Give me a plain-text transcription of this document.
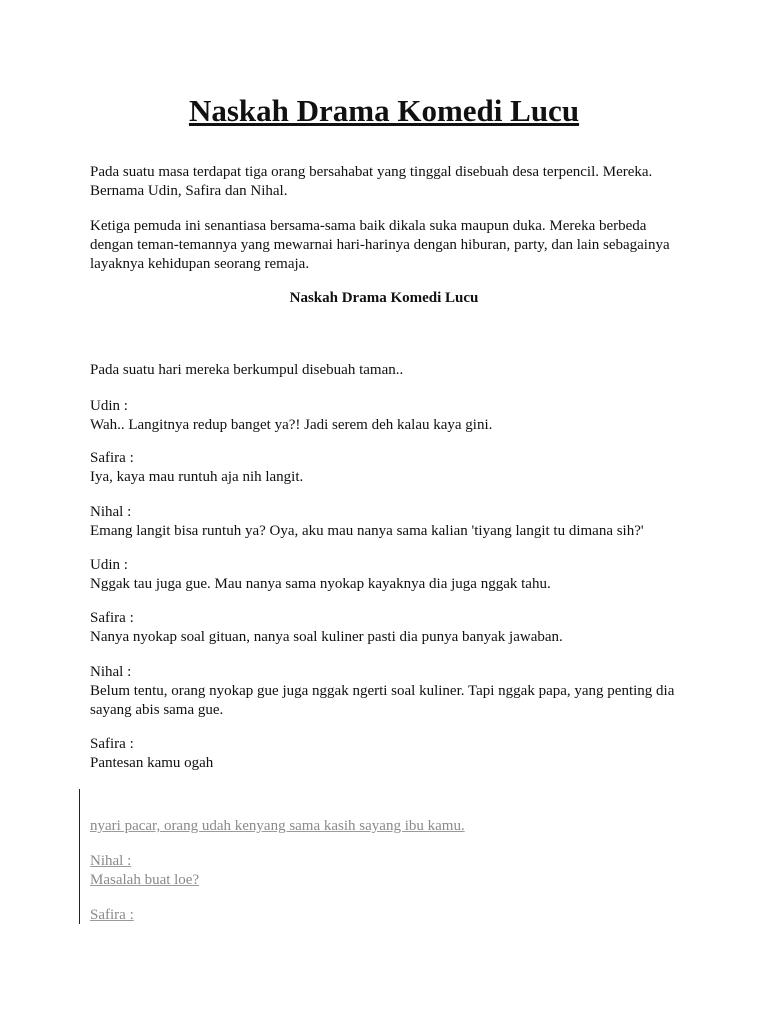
Naskah Drama Komedi Lucu

Pada suatu masa terdapat tiga orang bersahabat yang tinggal disebuah desa terpencil. Mereka. Bernama Udin, Safira dan Nihal.

Ketiga pemuda ini senantiasa bersama-sama baik dikala suka maupun duka. Mereka berbeda dengan teman-temannya yang mewarnai hari-harinya dengan hiburan, party, dan lain sebagainya layaknya kehidupan seorang remaja.

Naskah Drama Komedi Lucu

Pada suatu hari mereka berkumpul disebuah taman..

Udin :
Wah.. Langitnya redup banget ya?! Jadi serem deh kalau kaya gini.
Safira :
Iya, kaya mau runtuh aja nih langit.
Nihal :
Emang langit bisa runtuh ya? Oya, aku mau nanya sama kalian 'tiyang langit tu dimana sih?'
Udin :
Nggak tau juga gue. Mau nanya sama nyokap kayaknya dia juga nggak tahu.
Safira :
Nanya nyokap soal gituan, nanya soal kuliner pasti dia punya banyak jawaban.
Nihal :
Belum tentu, orang nyokap gue juga nggak ngerti soal kuliner. Tapi nggak papa, yang penting dia sayang abis sama gue.
Safira :
Pantesan kamu ogah

nyari pacar, orang udah kenyang sama kasih sayang ibu kamu.

Nihal :
Masalah buat loe?

Safira :
